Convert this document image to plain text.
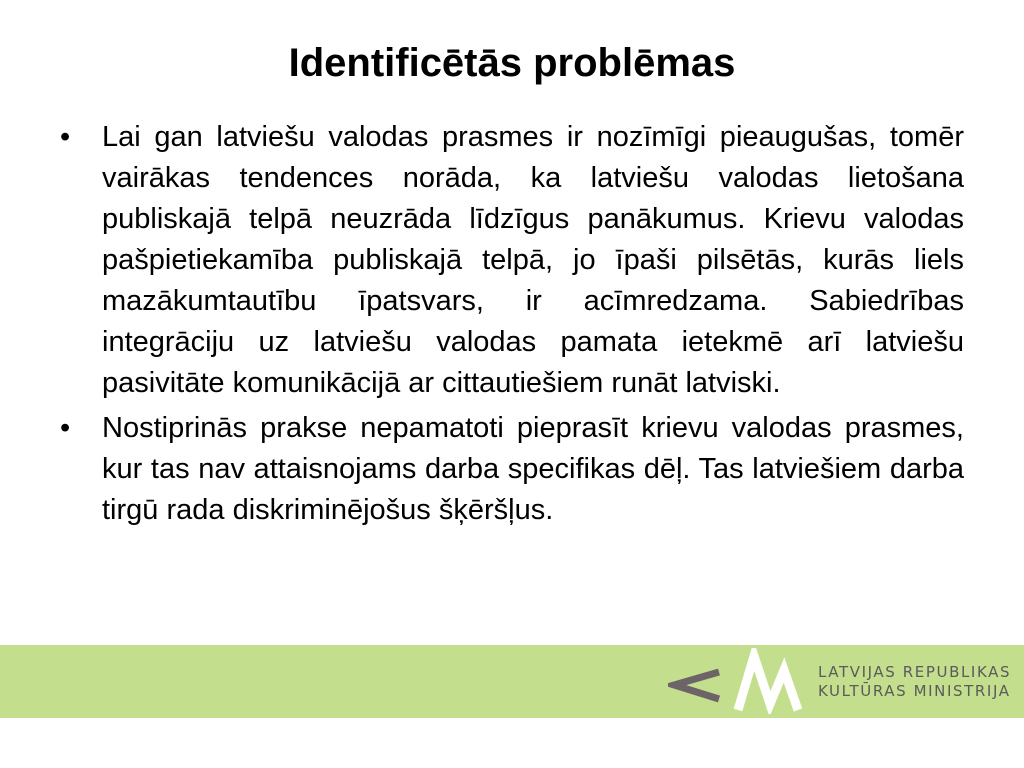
Identificētās problēmas
• Lai gan latviešu valodas prasmes ir nozīmīgi pieaugušas, tomēr vairākas tendences norāda, ka latviešu valodas lietošana publiskajā telpā neuzrāda līdzīgus panākumus. Krievu valodas pašpietiekamība publiskajā telpā, jo īpaši pilsētās, kurās liels mazākumtautību īpatsvars, ir acīmredzama. Sabiedrības integrāciju uz latviešu valodas pamata ietekmē arī latviešu pasivitāte komunikācijā ar cittautiešiem runāt latviski.
• Nostiprinās prakse nepamatoti pieprasīt krievu valodas prasmes, kur tas nav attaisnojams darba specifikas dēļ. Tas latviešiem darba tirgū rada diskriminējošus šķēršļus.
LATVIJAS REPUBLIKAS
KULTŪRAS MINISTRIJA
